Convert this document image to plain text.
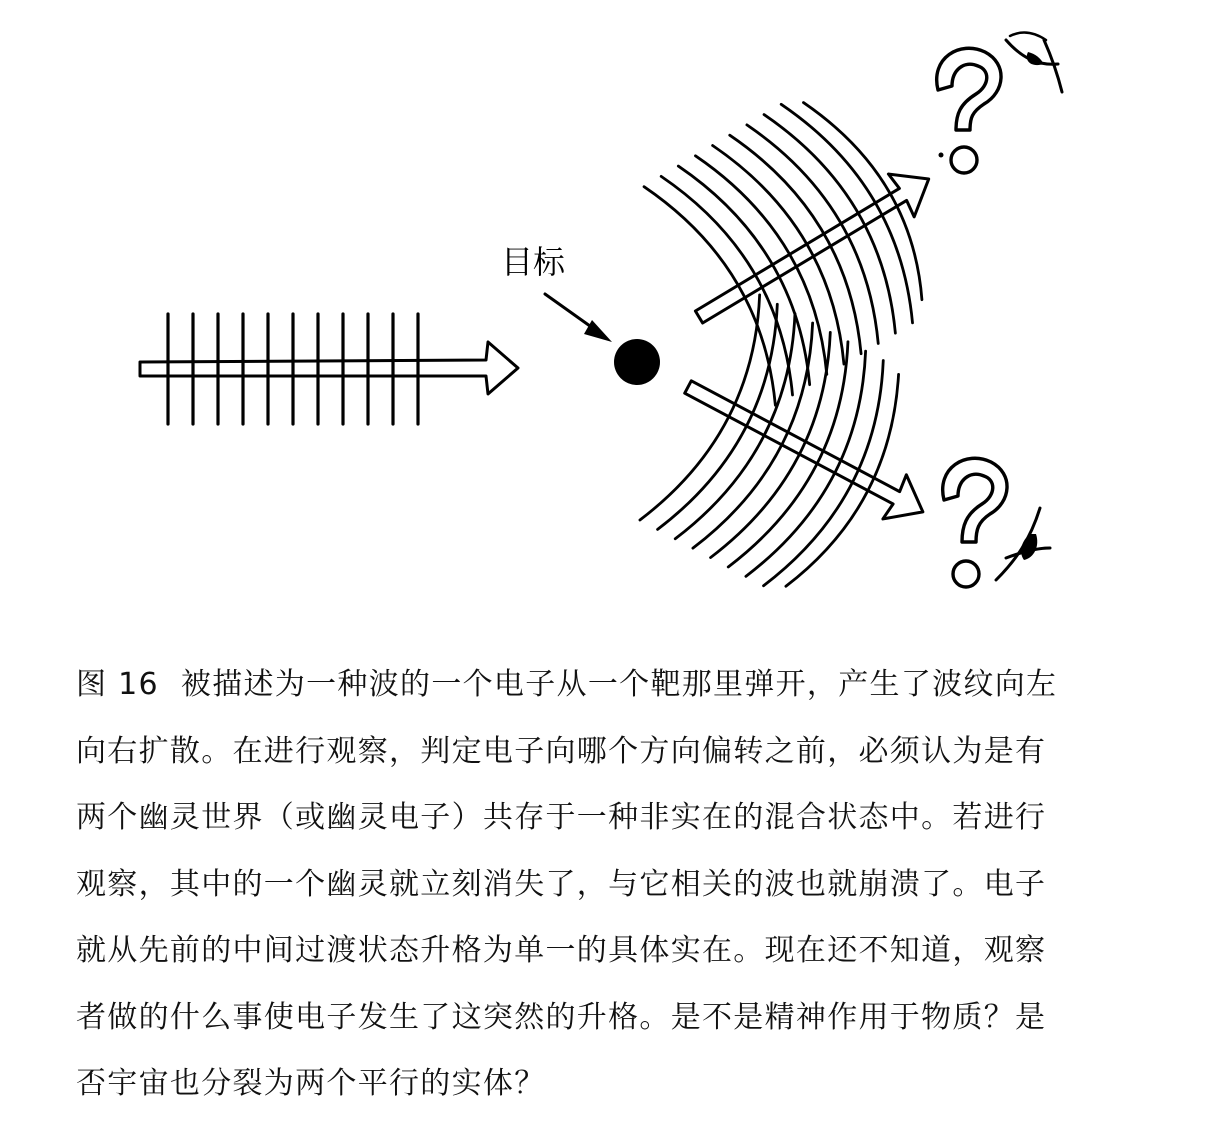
目标
图 16 被描述为一种波的一个电子从一个靶那里弹开，产生了波纹向左
向右扩散。在进行观察，判定电子向哪个方向偏转之前，必须认为是有
两个幽灵世界（或幽灵电子）共存于一种非实在的混合状态中。若进行
观察，其中的一个幽灵就立刻消失了，与它相关的波也就崩溃了。电子
就从先前的中间过渡状态升格为单一的具体实在。现在还不知道，观察
者做的什么事使电子发生了这突然的升格。是不是精神作用于物质？是
否宇宙也分裂为两个平行的实体？
